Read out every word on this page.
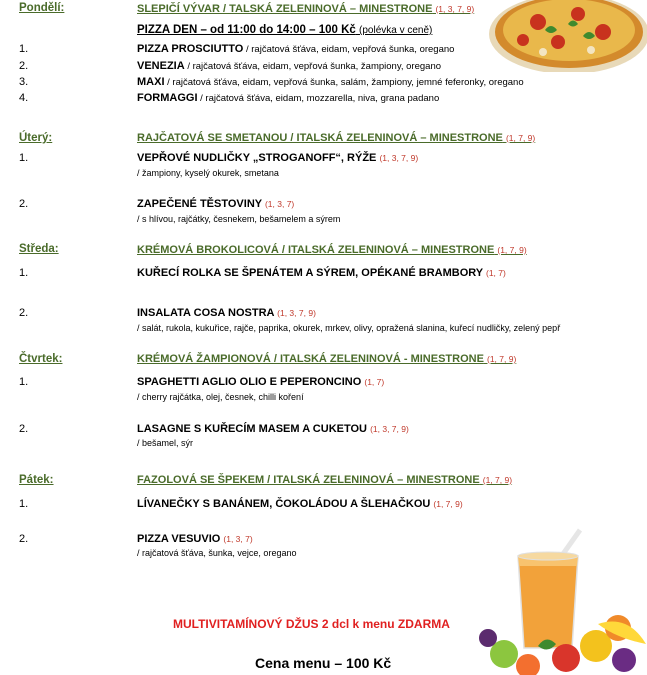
Pondělí:	SLEPIČÍ VÝVAR / TALSKÁ ZELENINOVÁ – MINESTRONE (1, 3, 7, 9)
PIZZA DEN – od 11:00 do 14:00 – 100 Kč (polévka v ceně)
1.	PIZZA PROSCIUTTO / rajčatová šťáva, eidam, vepřová šunka, oregano
2.	VENEZIA / rajčatová šťáva, eidam, vepřová šunka, žampiony, oregano
3.	MAXI / rajčatová šťáva, eidam, vepřová šunka, salám, žampiony, jemné feferonky, oregano
4.	FORMAGGI / rajčatová šťáva, eidam, mozzarella, niva, grana padano
Úterý:	RAJČATOVÁ SE SMETANOU / ITALSKÁ ZELENINOVÁ – MINESTRONE (1, 7, 9)
1.	VEPŘOVÉ NUDLIČKY „STROGANOFF“, RÝŽE (1, 3, 7, 9)
/ žampiony, kyselý okurek, smetana
2.	ZAPEČENÉ TĚSTOVINY (1, 3, 7)
/ s hlívou, rajčátky, česnekem, bešamelem a sýrem
Středa:	KRÉMOVÁ BROKOLICOVÁ / ITALSKÁ ZELENINOVÁ – MINESTRONE (1, 7, 9)
1.	KUŘECÍ ROLKA SE ŠPENÁTEM A SÝREM, OPÉKANÉ BRAMBORY (1, 7)
2.	INSALATA COSA NOSTRA (1, 3, 7, 9)
/ salát, rukola, kukuřice, rajče, paprika, okurek, mrkev, olivy, opražená slanina, kuřecí nudličky, zelený pepř
Čtvrtek:	KRÉMOVÁ ŽAMPIONOVÁ / ITALSKÁ ZELENINOVÁ - MINESTRONE (1, 7, 9)
1.	SPAGHETTI AGLIO OLIO E PEPERONCINO (1, 7)
/ cherry rajčátka, olej, česnek, chilli koření
2.	LASAGNE S KUŘECÍM MASEM A CUKETOU (1, 3, 7, 9)
/ bešamel, sýr
Pátek:	FAZOLOVÁ SE ŠPEKEM / ITALSKÁ ZELENINOVÁ – MINESTRONE (1, 7, 9)
1.	LÍVANEČKY S BANÁNEM, ČOKOLÁDOU A ŠLEHAČKOU (1, 7, 9)
2.	PIZZA VESUVIO (1, 3, 7)
/ rajčatová šťáva, šunka, vejce, oregano
MULTIVITAMÍNOVÝ DŽUS 2 dcl k menu ZDARMA
Cena menu – 100 Kč
